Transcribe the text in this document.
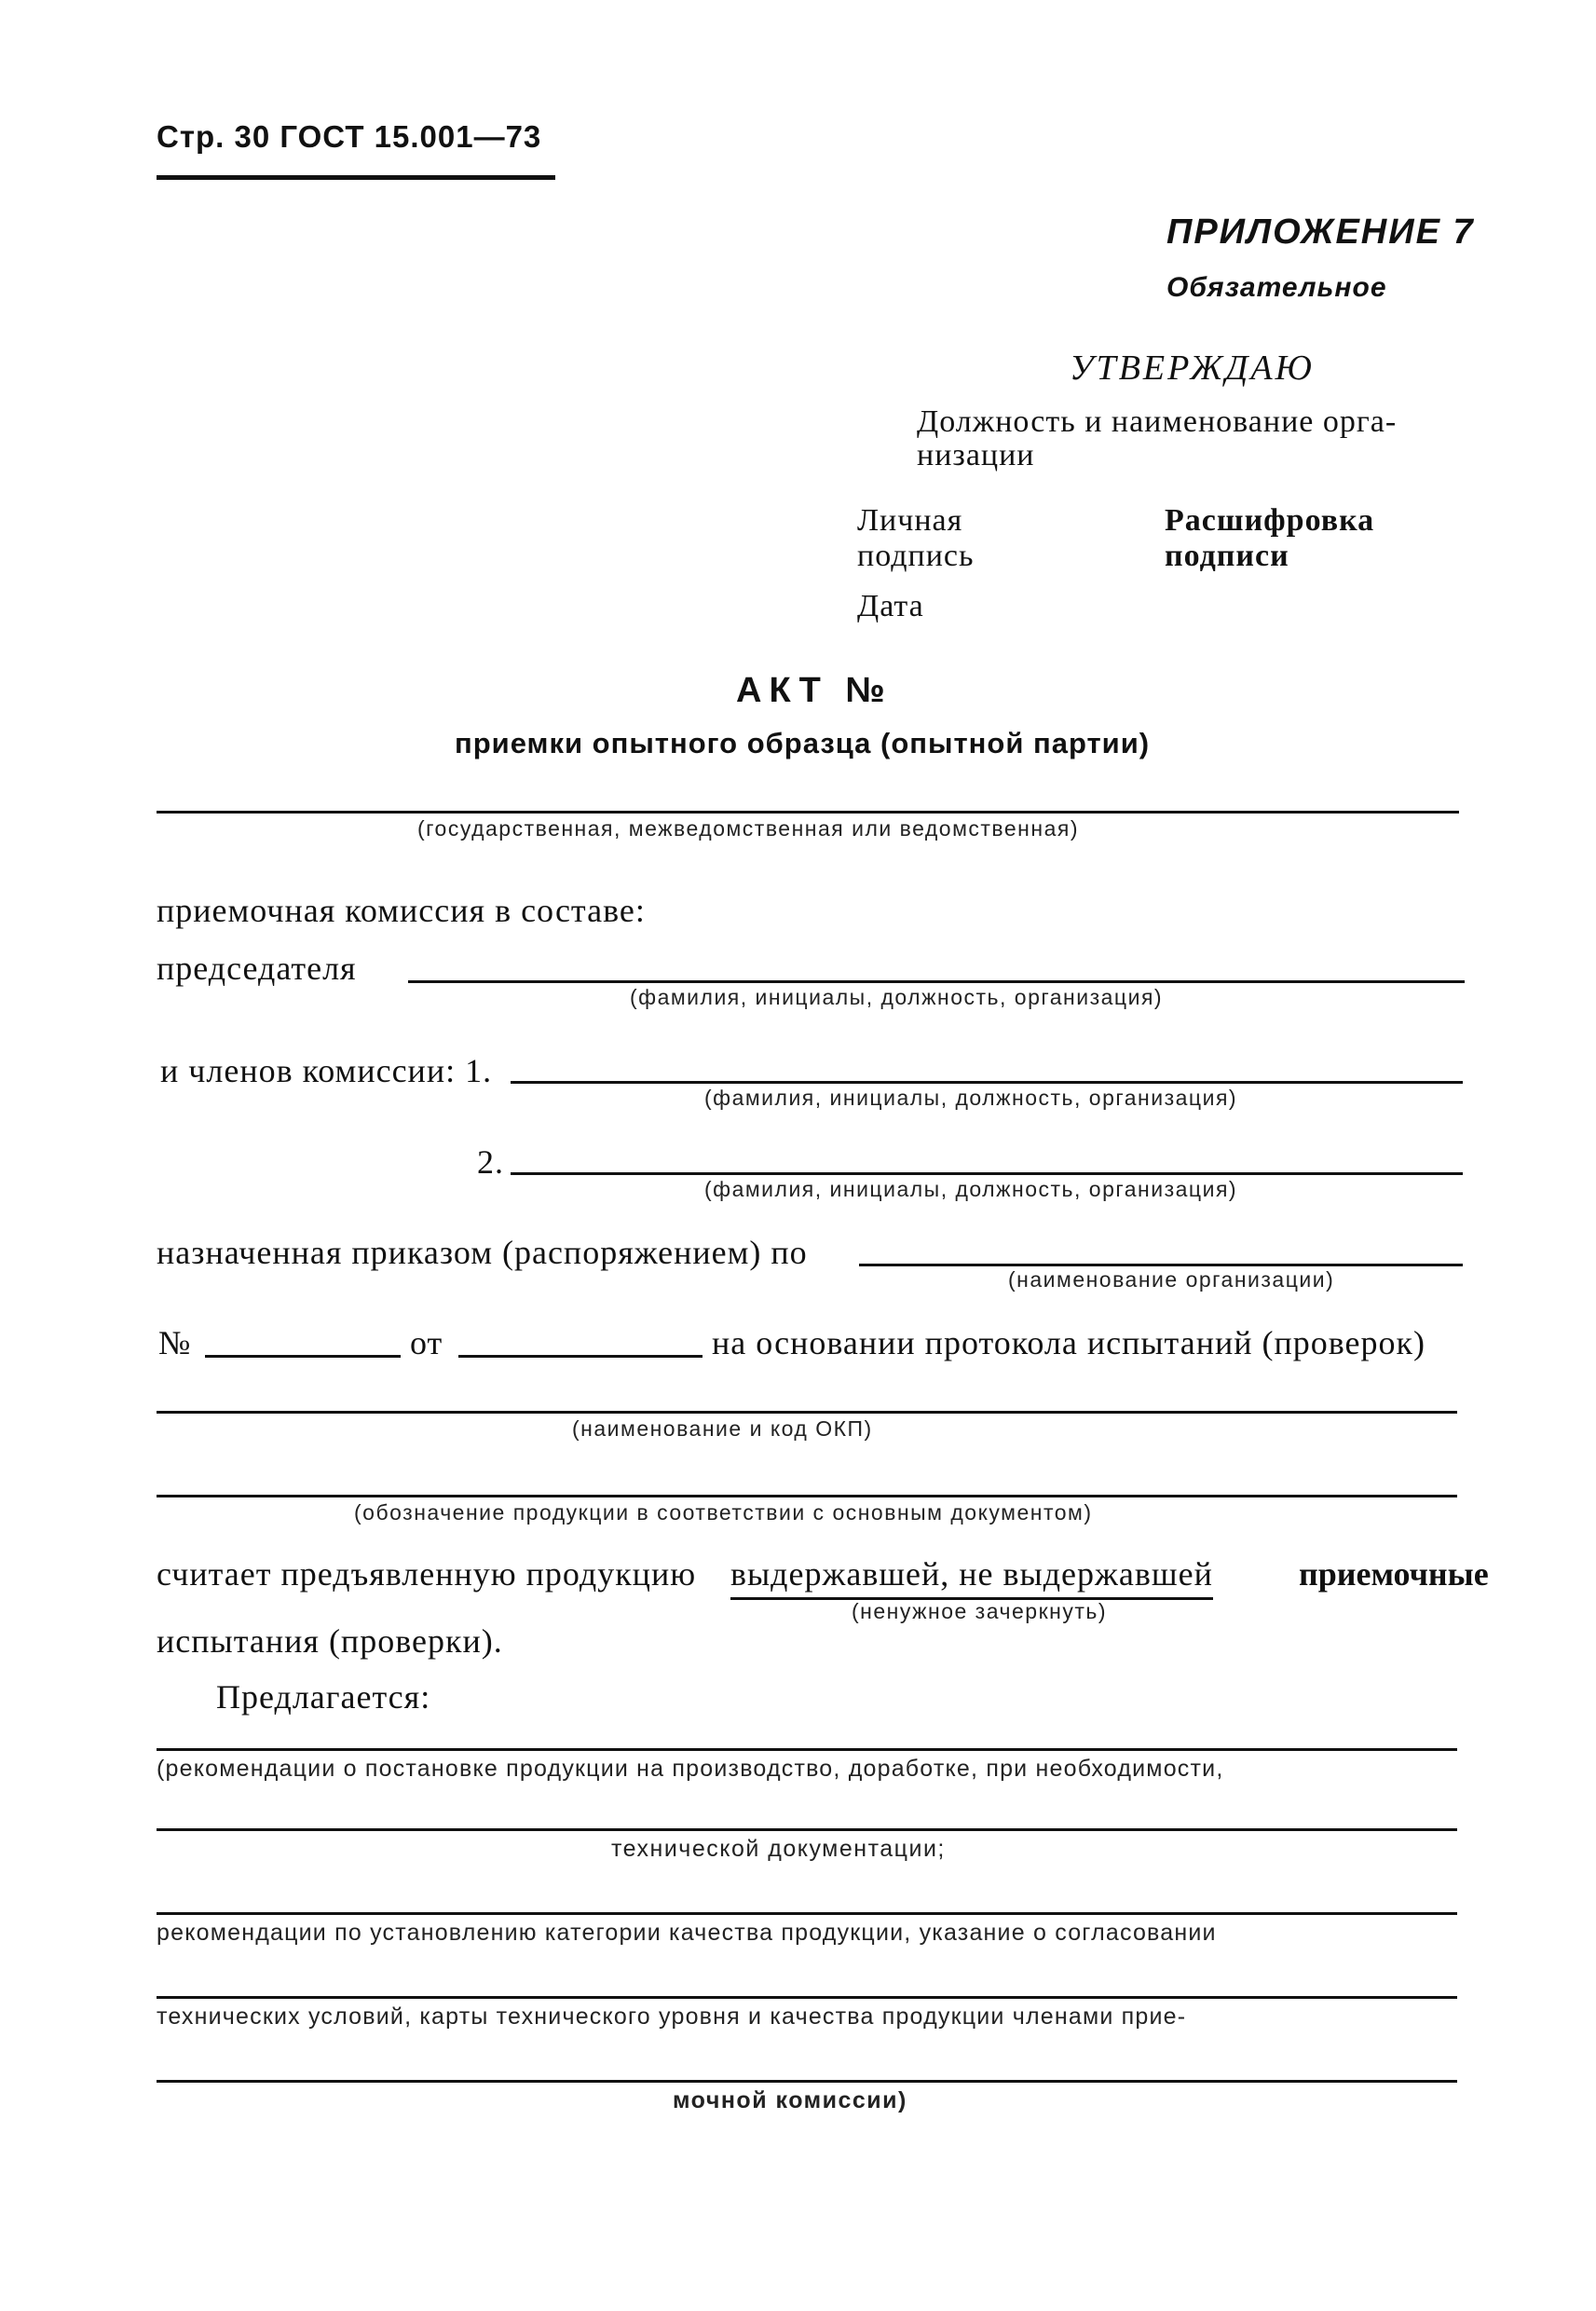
Стр. 30 ГОСТ 15.001—73
ПРИЛОЖЕНИЕ 7
Обязательное
УТВЕРЖДАЮ
Должность и наименование орга-
низации
Личная
подпись
Расшифровка
подписи
Дата
АКТ №
приемки опытного образца (опытной партии)
(государственная, межведомственная или ведомственная)
приемочная комиссия в составе:
председателя
(фамилия, инициалы, должность, организация)
и членов комиссии: 1.
(фамилия, инициалы, должность, организация)
2.
(фамилия, инициалы, должность, организация)
назначенная приказом (распоряжением) по
(наименование организации)
№	от	на основании протокола испытаний (проверок)
(наименование и код ОКП)
(обозначение продукции в соответствии с основным документом)
считает предъявленную продукцию выдержавшей, не выдержавшей	приемочные
(ненужное зачеркнуть)
испытания (проверки).
Предлагается:
(рекомендации о постановке продукции на производство, доработке, при необходимости,
технической документации;
рекомендации по установлению категории качества продукции, указание о согласовании
технических условий, карты технического уровня и качества продукции членами прие-
мочной комиссии)
